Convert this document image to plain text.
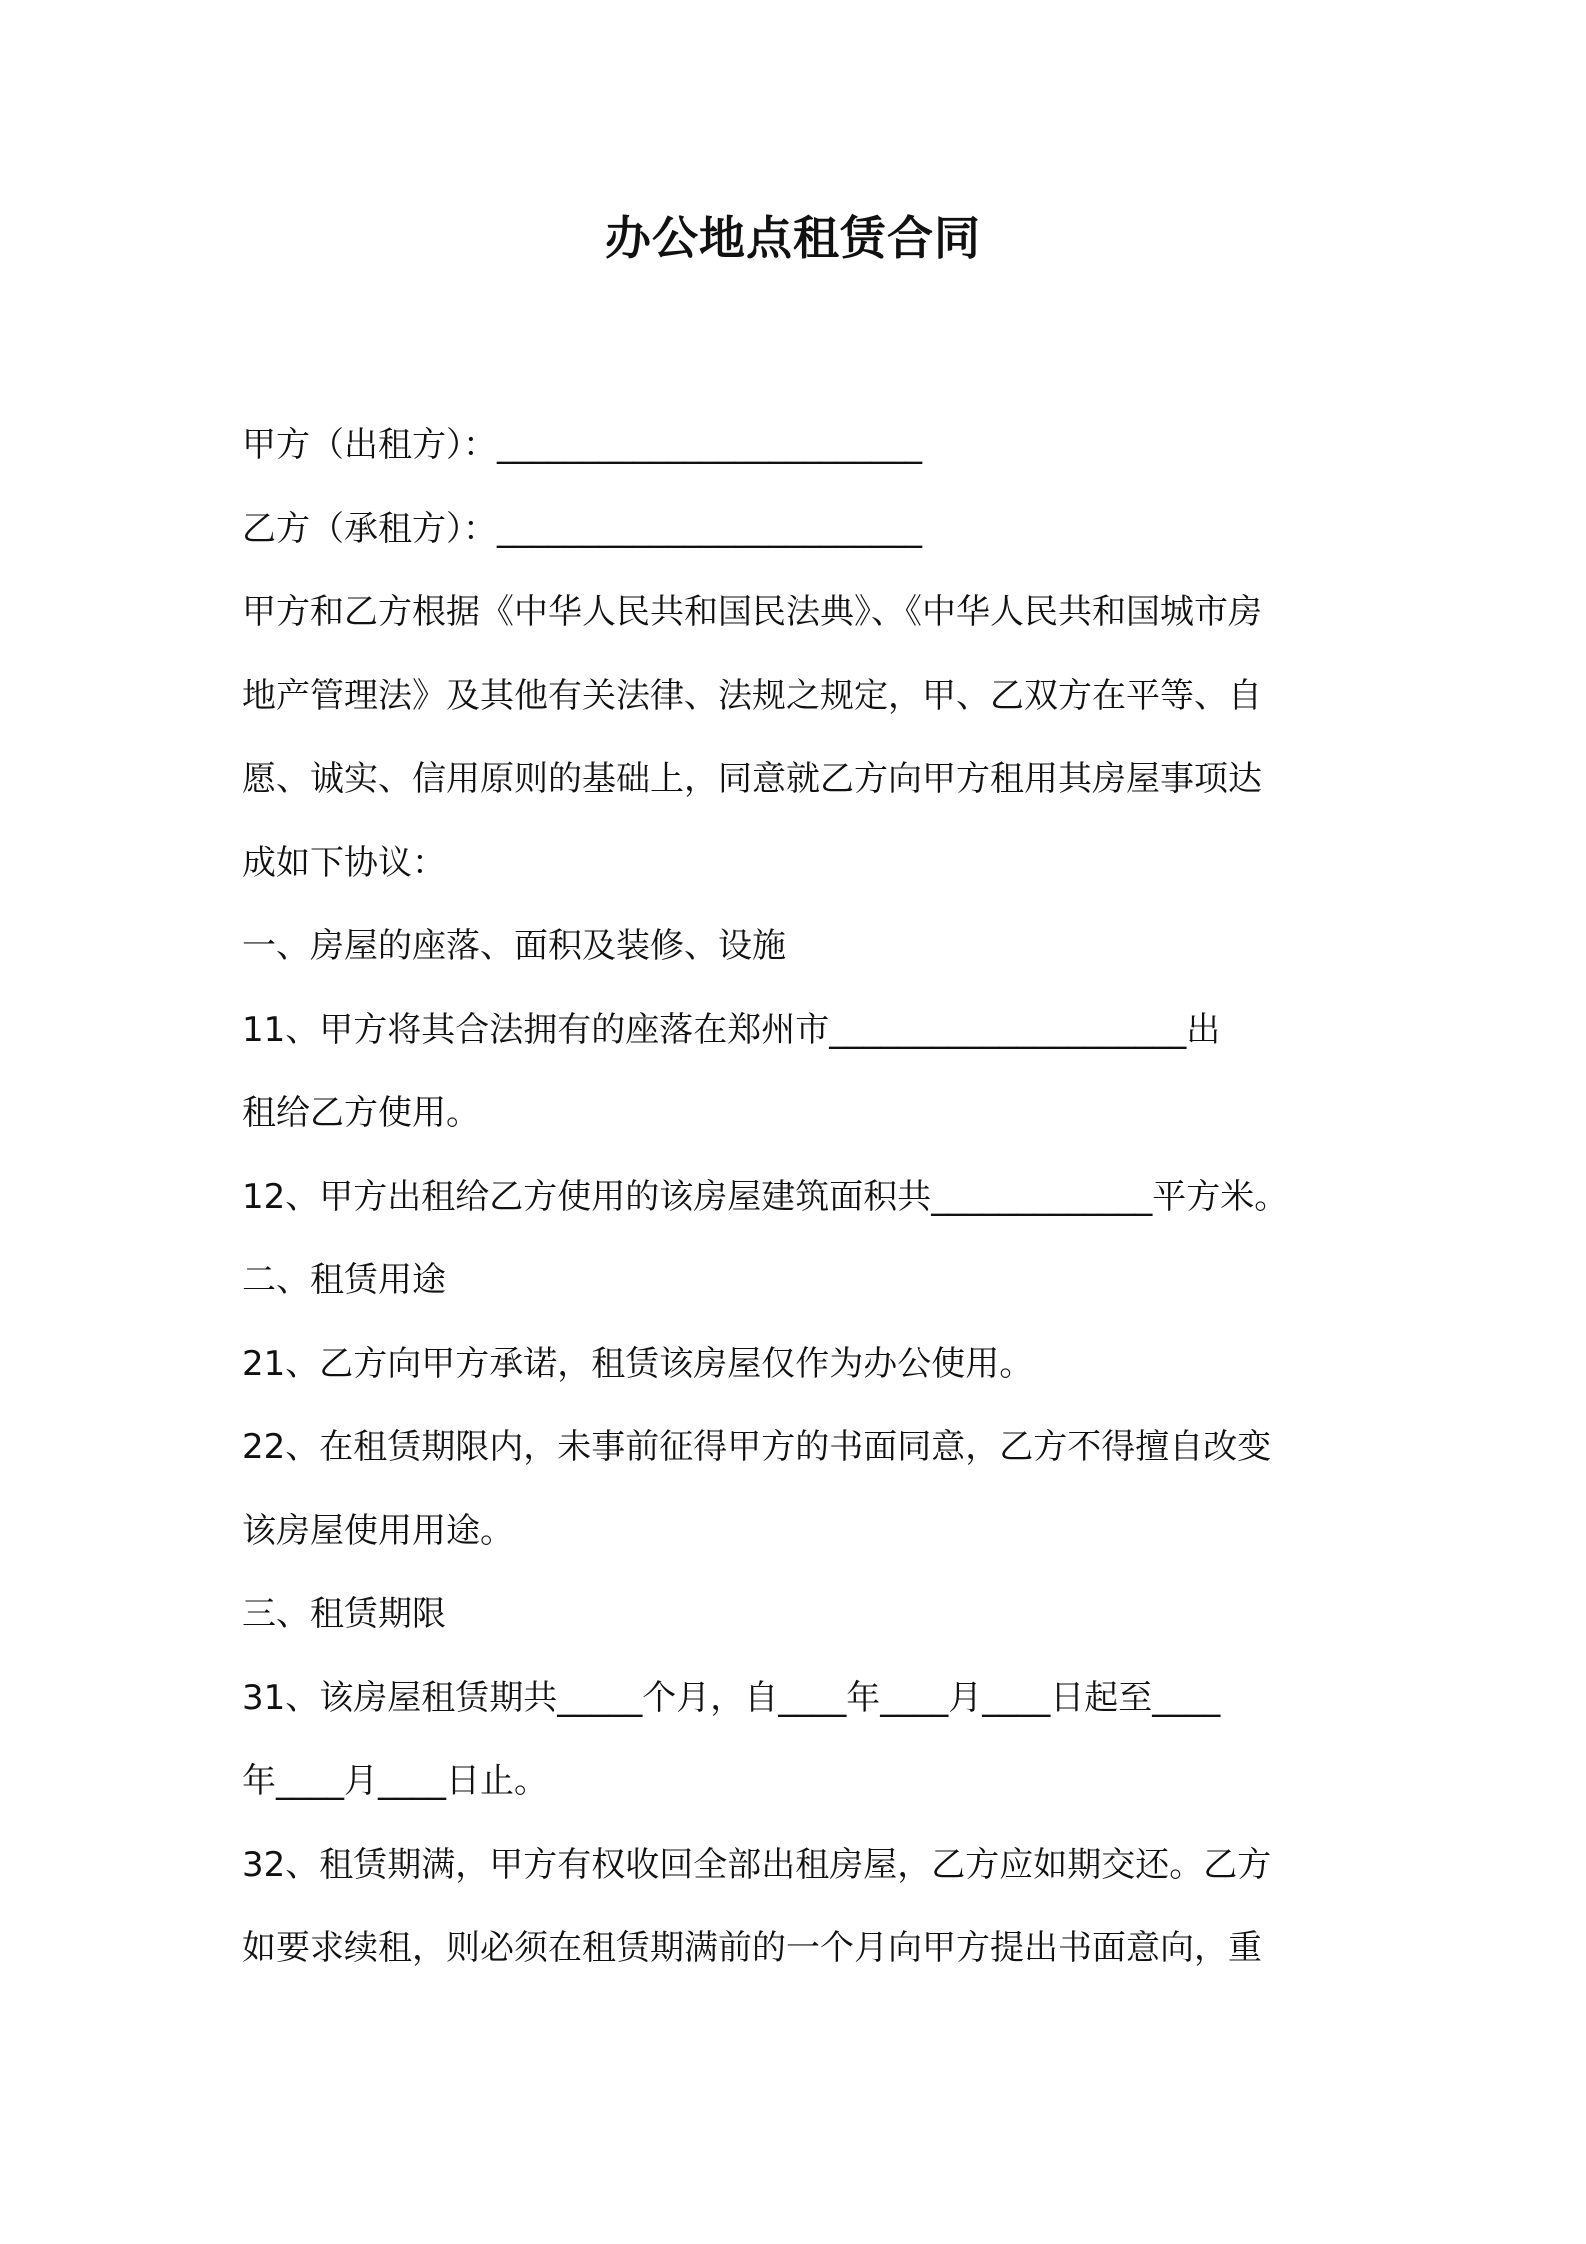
办公地点租赁合同
甲方（出租方）：_________________________
乙方（承租方）：_________________________
甲方和乙方根据《中华人民共和国民法典》、《中华人民共和国城市房
地产管理法》及其他有关法律、法规之规定，甲、乙双方在平等、自
愿、诚实、信用原则的基础上，同意就乙方向甲方租用其房屋事项达
成如下协议：
一、房屋的座落、面积及装修、设施
11、甲方将其合法拥有的座落在郑州市_____________________出
租给乙方使用。
12、甲方出租给乙方使用的该房屋建筑面积共_____________平方米。
二、租赁用途
21、乙方向甲方承诺，租赁该房屋仅作为办公使用。
22、在租赁期限内，未事前征得甲方的书面同意，乙方不得擅自改变
该房屋使用用途。
三、租赁期限
31、该房屋租赁期共_____个月，自____年____月____日起至____
年____月____日止。
32、租赁期满，甲方有权收回全部出租房屋，乙方应如期交还。乙方
如要求续租，则必须在租赁期满前的一个月向甲方提出书面意向，重
